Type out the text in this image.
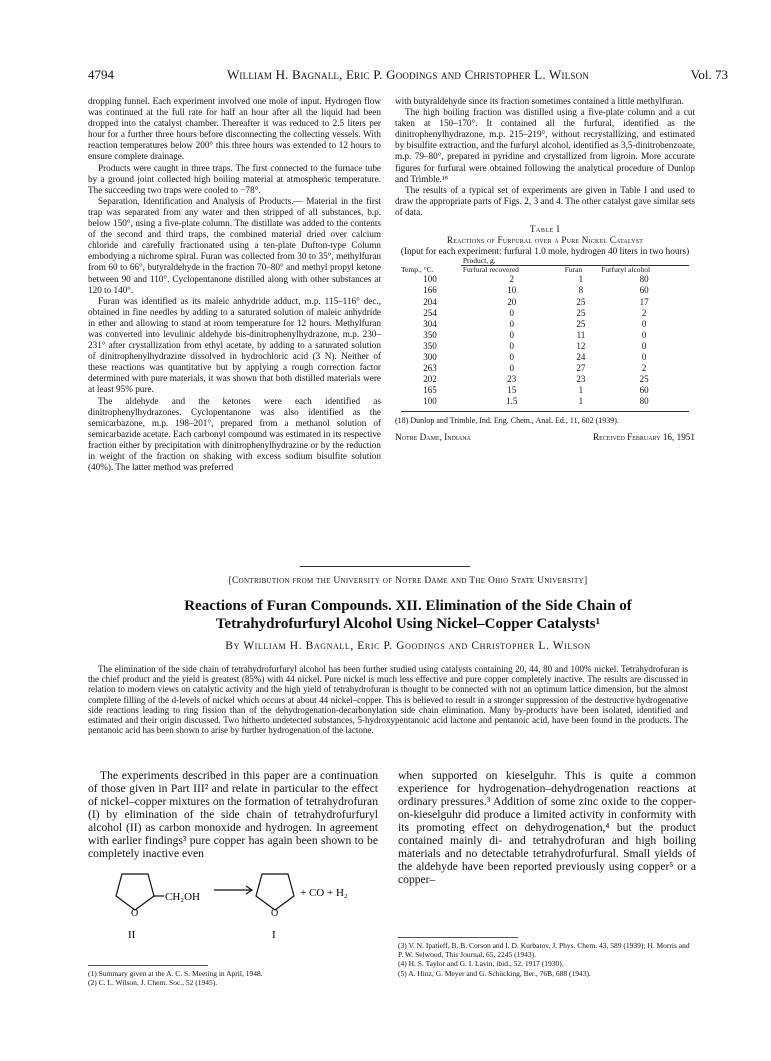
4794	William H. Bagnall, Eric P. Goodings and Christopher L. Wilson	Vol. 73

dropping funnel. Each experiment involved one mole of input. Hydrogen flow was continued at the full rate for half an hour after all the liquid had been dropped into the catalyst chamber. Thereafter it was reduced to 2.5 liters per hour for a further three hours before disconnecting the collecting vessels. With reaction temperatures below 200° this three hours was extended to 12 hours to ensure complete drainage.

Products were caught in three traps. The first connected to the furnace tube by a ground joint collected high boiling material at atmospheric temperature. The succeeding two traps were cooled to −78°.

Separation, Identification and Analysis of Products.— Material in the first trap was separated from any water and then stripped of all substances, b.p. below 150°, using a five-plate column. The distillate was added to the contents of the second and third traps, the combined material dried over calcium chloride and carefully fractionated using a ten-plate Dufton-type Column embodying a nichrome spiral. Furan was collected from 30 to 35°, methylfuran from 60 to 66°, butyraldehyde in the fraction 70–80° and methyl propyl ketone between 90 and 110°. Cyclopentanone distilled along with other substances at 120 to 140°.

Furan was identified as its maleic anhydride adduct, m.p. 115–116° dec., obtained in fine needles by adding to a saturated solution of maleic anhydride in ether and allowing to stand at room temperature for 12 hours. Methylfuran was converted into levulinic aldehyde bis-dinitrophenylhydrazone, m.p. 230–231° after crystallization from ethyl acetate, by adding to a saturated solution of dinitrophenylhydrazine dissolved in hydrochloric acid (3 N). Neither of these reactions was quantitative but by applying a rough correction factor determined with pure materials, it was shown that both distilled materials were at least 95% pure.

The aldehyde and the ketones were each identified as dinitrophenylhydrazones. Cyclopentanone was also identified as the semicarbazone, m.p. 198–201°, prepared from a methanol solution of semicarbazide acetate. Each carbonyl compound was estimated in its respective fraction either by precipitation with dinitrophenylhydrazine or by the reduction in weight of the fraction on shaking with excess sodium bisulfite solution (40%). The latter method was preferred

with butyraldehyde since its fraction sometimes contained a little methylfuran.

The high boiling fraction was distilled using a five-plate column and a cut taken at 150–170°. It contained all the furfural, identified as the dinitrophenylhydrazone, m.p. 215–219°, without recrystallizing, and estimated by bisulfite extraction, and the furfuryl alcohol, identified as 3,5-dinitrobenzoate, m.p. 79–80°, prepared in pyridine and crystallized from ligroin. More accurate figures for furfural were obtained following the analytical procedure of Dunlop and Trimble.¹⁸

The results of a typical set of experiments are given in Table I and used to draw the appropriate parts of Figs. 2, 3 and 4. The other catalyst gave similar sets of data.

Table I
Reactions of Furfural over a Pure Nickel Catalyst
(Input for each experiment: furfural 1.0 mole, hydrogen 40 liters in two hours)
	Product, g.		
Temp., °C.	Furfural recovered	Furan	Furfuryl alcohol
100	2	1	80
166	10	8	60
204	20	25	17
254	0	25	2
304	0	25	0
350	0	11	0
350	0	12	0
300	0	24	0
263	0	27	2
202	23	23	25
165	15	1	60
100	1.5	1	80
(18) Dunlop and Trimble, Ind. Eng. Chem., Anal. Ed., 11, 602 (1939).
Notre Dame, Indiana	Received February 16, 1951
[Contribution from the University of Notre Dame and The Ohio State University]
Reactions of Furan Compounds. XII. Elimination of the Side Chain of
Tetrahydrofurfuryl Alcohol Using Nickel–Copper Catalysts¹
By William H. Bagnall, Eric P. Goodings and Christopher L. Wilson
The elimination of the side chain of tetrahydrofurfuryl alcohol has been further studied using catalysts containing 20, 44, 80 and 100% nickel. Tetrahydrofuran is the chief product and the yield is greatest (85%) with 44 nickel. Pure nickel is much less effective and pure copper completely inactive. The results are discussed in relation to modern views on catalytic activity and the high yield of tetrahydrofuran is thought to be connected with not an optimum lattice dimension, but the almost complete filling of the d-levels of nickel which occurs at about 44 nickel–copper. This is believed to result in a stronger suppression of the destructive hydrogenative side reactions leading to ring fission than of the dehydrogenation-decarbonylation side chain elimination. Many by-products have been isolated, identified and estimated and their origin discussed. Two hitherto undetected substances, 5-hydroxypentanoic acid lactone and pentanoic acid, have been found in the products. The pentanoic acid has been shown to arise by further hydrogenation of the lactone.

The experiments described in this paper are a continuation of those given in Part III² and relate in particular to the effect of nickel–copper mixtures on the formation of tetrahydrofuran (I) by elimination of the side chain of tetrahydrofurfuryl alcohol (II) as carbon monoxide and hydrogen. In agreement with earlier findings³ pure copper has again been shown to be completely inactive even

when supported on kieselguhr. This is quite a common experience for hydrogenation–dehydrogenation reactions at ordinary pressures.³ Addition of some zinc oxide to the copper-on-kieselguhr did produce a limited activity in conformity with its promoting effect on dehydrogenation,⁴ but the product contained mainly di- and tetrahydrofuran and high boiling materials and no detectable tetrahydrofurfural. Small yields of the aldehyde have been reported previously using copper⁵ or a copper–

CH₂OH
O	O
+ CO + H₂
II	I
(1) Summary given at the A. C. S. Meeting in April, 1948.
(2) C. L. Wilson, J. Chem. Soc., 52 (1945).
(3) V. N. Ipatieff, B. B. Corson and I. D. Kurbatov, J. Phys. Chem. 43, 589 (1939); H. Morris and P. W. Selwood, This Journal, 65, 2245 (1943).
(4) H. S. Taylor and G. I. Lavin, ibid., 52, 1917 (1930).
(5) A. Hinz, G. Meyer and G. Schücking, Ber., 76B, 688 (1943).
